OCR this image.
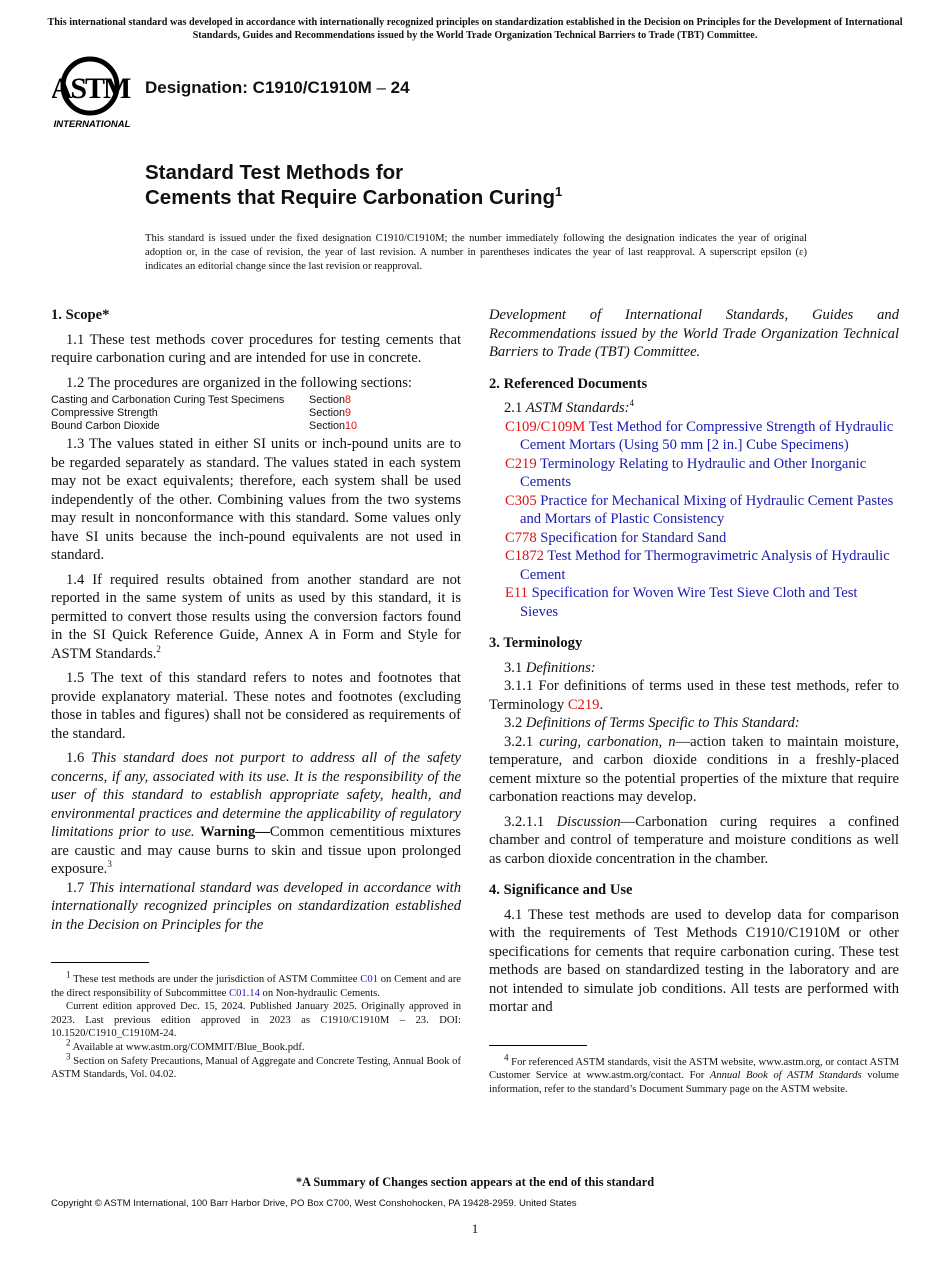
This international standard was developed in accordance with internationally recognized principles on standardization established in the Decision on Principles for the Development of International Standards, Guides and Recommendations issued by the World Trade Organization Technical Barriers to Trade (TBT) Committee.
ASTM
INTERNATIONAL
Designation: C1910/C1910M – 24
Standard Test Methods for
Cements that Require Carbonation Curing$^1$
This standard is issued under the fixed designation C1910/C1910M; the number immediately following the designation indicates the year of original adoption or, in the case of revision, the year of last revision. A number in parentheses indicates the year of last reapproval. A superscript epsilon (ε) indicates an editorial change since the last revision or reapproval.
1. Scope*

1.1 These test methods cover procedures for testing cements that require carbonation curing and are intended for use in concrete.

1.2 The procedures are organized in the following sections:

Casting and Carbonation Curing Test Specimens	Section 8
Compressive Strength	Section 9
Bound Carbon Dioxide	Section 10

1.3 The values stated in either SI units or inch-pound units are to be regarded separately as standard. The values stated in each system may not be exact equivalents; therefore, each system shall be used independently of the other. Combining values from the two systems may result in nonconformance with this standard. Some values only have SI units because the inch-pound equivalents are not used in standard.

1.4 If required results obtained from another standard are not reported in the same system of units as used by this standard, it is permitted to convert those results using the conversion factors found in the SI Quick Reference Guide, Annex A in Form and Style for ASTM Standards.$^2$

1.5 The text of this standard refers to notes and footnotes that provide explanatory material. These notes and footnotes (excluding those in tables and figures) shall not be considered as requirements of the standard.

1.6 This standard does not purport to address all of the safety concerns, if any, associated with its use. It is the responsibility of the user of this standard to establish appropriate safety, health, and environmental practices and determine the applicability of regulatory limitations prior to use. Warning—Common cementitious mixtures are caustic and may cause burns to skin and tissue upon prolonged exposure.$^3$

1.7 This international standard was developed in accordance with internationally recognized principles on standardization established in the Decision on Principles for the

$^1$ These test methods are under the jurisdiction of ASTM Committee C01 on Cement and are the direct responsibility of Subcommittee C01.14 on Non-hydraulic Cements.

Current edition approved Dec. 15, 2024. Published January 2025. Originally approved in 2023. Last previous edition approved in 2023 as C1910/C1910M – 23. DOI: 10.1520/C1910_C1910M-24.

$^2$ Available at www.astm.org/COMMIT/Blue_Book.pdf.

$^3$ Section on Safety Precautions, Manual of Aggregate and Concrete Testing, Annual Book of ASTM Standards, Vol. 04.02.

Development of International Standards, Guides and Recommendations issued by the World Trade Organization Technical Barriers to Trade (TBT) Committee.

2. Referenced Documents

2.1 ASTM Standards:$^4$

C109/C109M Test Method for Compressive Strength of Hydraulic Cement Mortars (Using 50 mm [2 in.] Cube Specimens)

C219 Terminology Relating to Hydraulic and Other Inorganic Cements

C305 Practice for Mechanical Mixing of Hydraulic Cement Pastes and Mortars of Plastic Consistency

C778 Specification for Standard Sand

C1872 Test Method for Thermogravimetric Analysis of Hydraulic Cement

E11 Specification for Woven Wire Test Sieve Cloth and Test Sieves

3. Terminology

3.1 Definitions:

3.1.1 For definitions of terms used in these test methods, refer to Terminology C219.

3.2 Definitions of Terms Specific to This Standard:

3.2.1 curing, carbonation, n—action taken to maintain moisture, temperature, and carbon dioxide conditions in a freshly-placed cement mixture so the potential properties of the mixture that require carbonation reactions may develop.

3.2.1.1 Discussion—Carbonation curing requires a confined chamber and control of temperature and moisture conditions as well as carbon dioxide concentration in the chamber.

4. Significance and Use

4.1 These test methods are used to develop data for comparison with the requirements of Test Methods C1910/C1910M or other specifications for cements that require carbonation curing. These test methods are based on standardized testing in the laboratory and are not intended to simulate job conditions. All tests are performed with mortar and

$^4$ For referenced ASTM standards, visit the ASTM website, www.astm.org, or contact ASTM Customer Service at www.astm.org/contact. For Annual Book of ASTM Standards volume information, refer to the standard’s Document Summary page on the ASTM website.

*A Summary of Changes section appears at the end of this standard
Copyright © ASTM International, 100 Barr Harbor Drive, PO Box C700, West Conshohocken, PA 19428-2959. United States
1
